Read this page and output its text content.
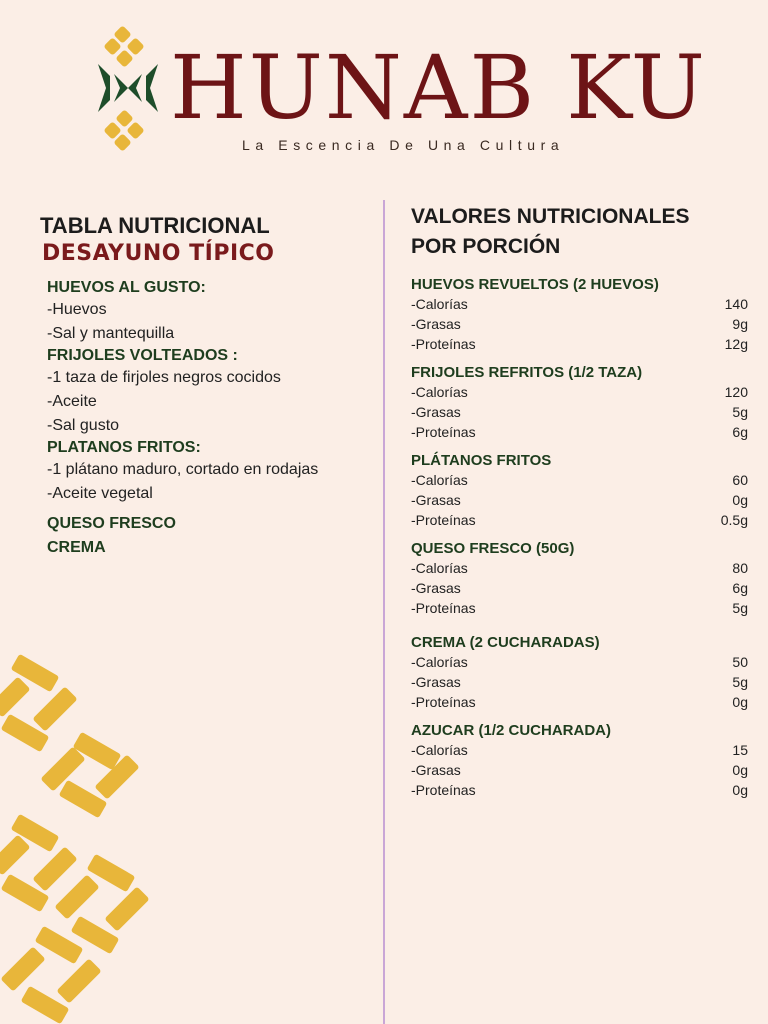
HUNAB KU
La Escencia De Una Cultura
TABLA NUTRICIONAL
DESAYUNO TÍPICO
HUEVOS AL GUSTO:
-Huevos
-Sal y mantequilla
FRIJOLES VOLTEADOS :
-1 taza de firjoles negros cocidos
-Aceite
-Sal gusto
PLATANOS FRITOS:
-1 plátano maduro, cortado en rodajas
-Aceite vegetal
QUESO FRESCO
CREMA
VALORES NUTRICIONALES
POR PORCIÓN
HUEVOS REVUELTOS (2 HUEVOS)
-Calorías	140
-Grasas	9g
-Proteínas	12g
FRIJOLES REFRITOS (1/2 TAZA)
-Calorías	120
-Grasas	5g
-Proteínas	6g
PLÁTANOS FRITOS
-Calorías	60
-Grasas	0g
-Proteínas	0.5g
QUESO FRESCO (50G)
-Calorías	80
-Grasas	6g
-Proteínas	5g
CREMA (2 CUCHARADAS)
-Calorías	50
-Grasas	5g
-Proteínas	0g
AZUCAR (1/2 CUCHARADA)
-Calorías	15
-Grasas	0g
-Proteínas	0g
